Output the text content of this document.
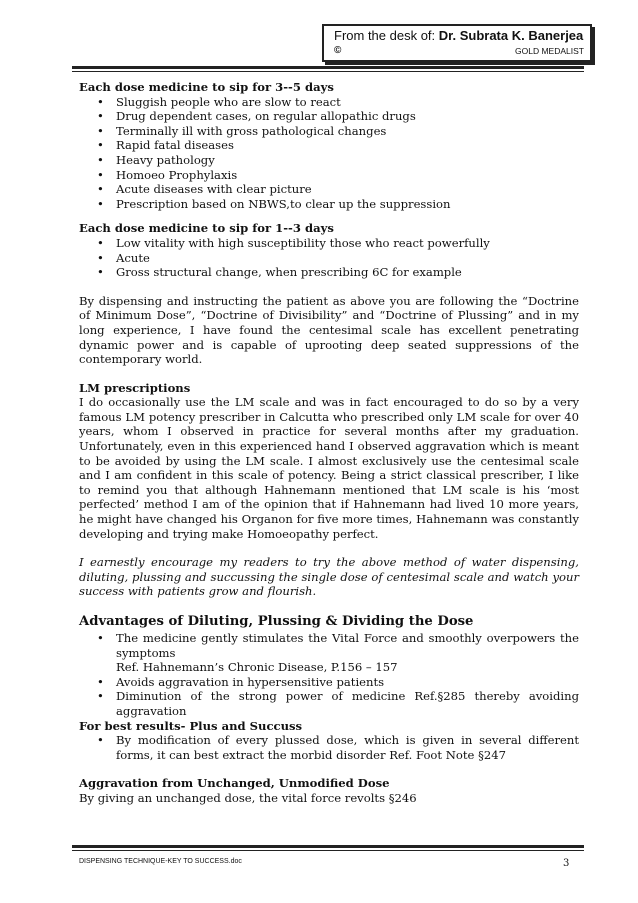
From the desk of: Dr. Subrata K. Banerjea
©	GOLD MEDALIST

Each dose medicine to sip for 3--5 days

• Sluggish people who are slow to react
• Drug dependent cases, on regular allopathic drugs
• Terminally ill with gross pathological changes
• Rapid fatal diseases
• Heavy pathology
• Homoeo Prophylaxis
• Acute diseases with clear picture
• Prescription based on NBWS,to clear up the suppression

Each dose medicine to sip for 1--3 days

• Low vitality with high susceptibility those who react powerfully
• Acute
• Gross structural change, when prescribing 6C for example

By dispensing and instructing the patient as above you are following the “Doctrine of Minimum Dose”, “Doctrine of Divisibility” and “Doctrine of Plussing” and in my long experience, I have found the centesimal scale has excellent penetrating dynamic power and is capable of uprooting deep seated suppressions of the contemporary world.

LM prescriptions

I do occasionally use the LM scale and was in fact encouraged to do so by a very famous LM potency prescriber in Calcutta who prescribed only LM scale for over 40 years, whom I observed in practice for several months after my graduation. Unfortunately, even in this experienced hand I observed aggravation which is meant to be avoided by using the LM scale. I almost exclusively use the centesimal scale and I am confident in this scale of potency. Being a strict classical prescriber, I like to remind you that although Hahnemann mentioned that LM scale is his ‘most perfected’ method I am of the opinion that if Hahnemann had lived 10 more years, he might have changed his Organon for five more times, Hahnemann was constantly developing and trying make Homoeopathy perfect.

I earnestly encourage my readers to try the above method of water dispensing, diluting, plussing and succussing the single dose of centesimal scale and watch your success with patients grow and flourish.

Advantages of Diluting, Plussing & Dividing the Dose

• The medicine gently stimulates the Vital Force and smoothly overpowers the symptoms
Ref. Hahnemann’s Chronic Disease, P.156 – 157
• Avoids aggravation in hypersensitive patients
• Diminution of the strong power of medicine Ref.§285 thereby avoiding aggravation

For best results- Plus and Succuss

• By modification of every plussed dose, which is given in several different forms, it can best extract the morbid disorder Ref. Foot Note §247

Aggravation from Unchanged, Unmodified Dose

By giving an unchanged dose, the vital force revolts §246

DISPENSING TECHNIQUE-KEY TO SUCCESS.doc	3
